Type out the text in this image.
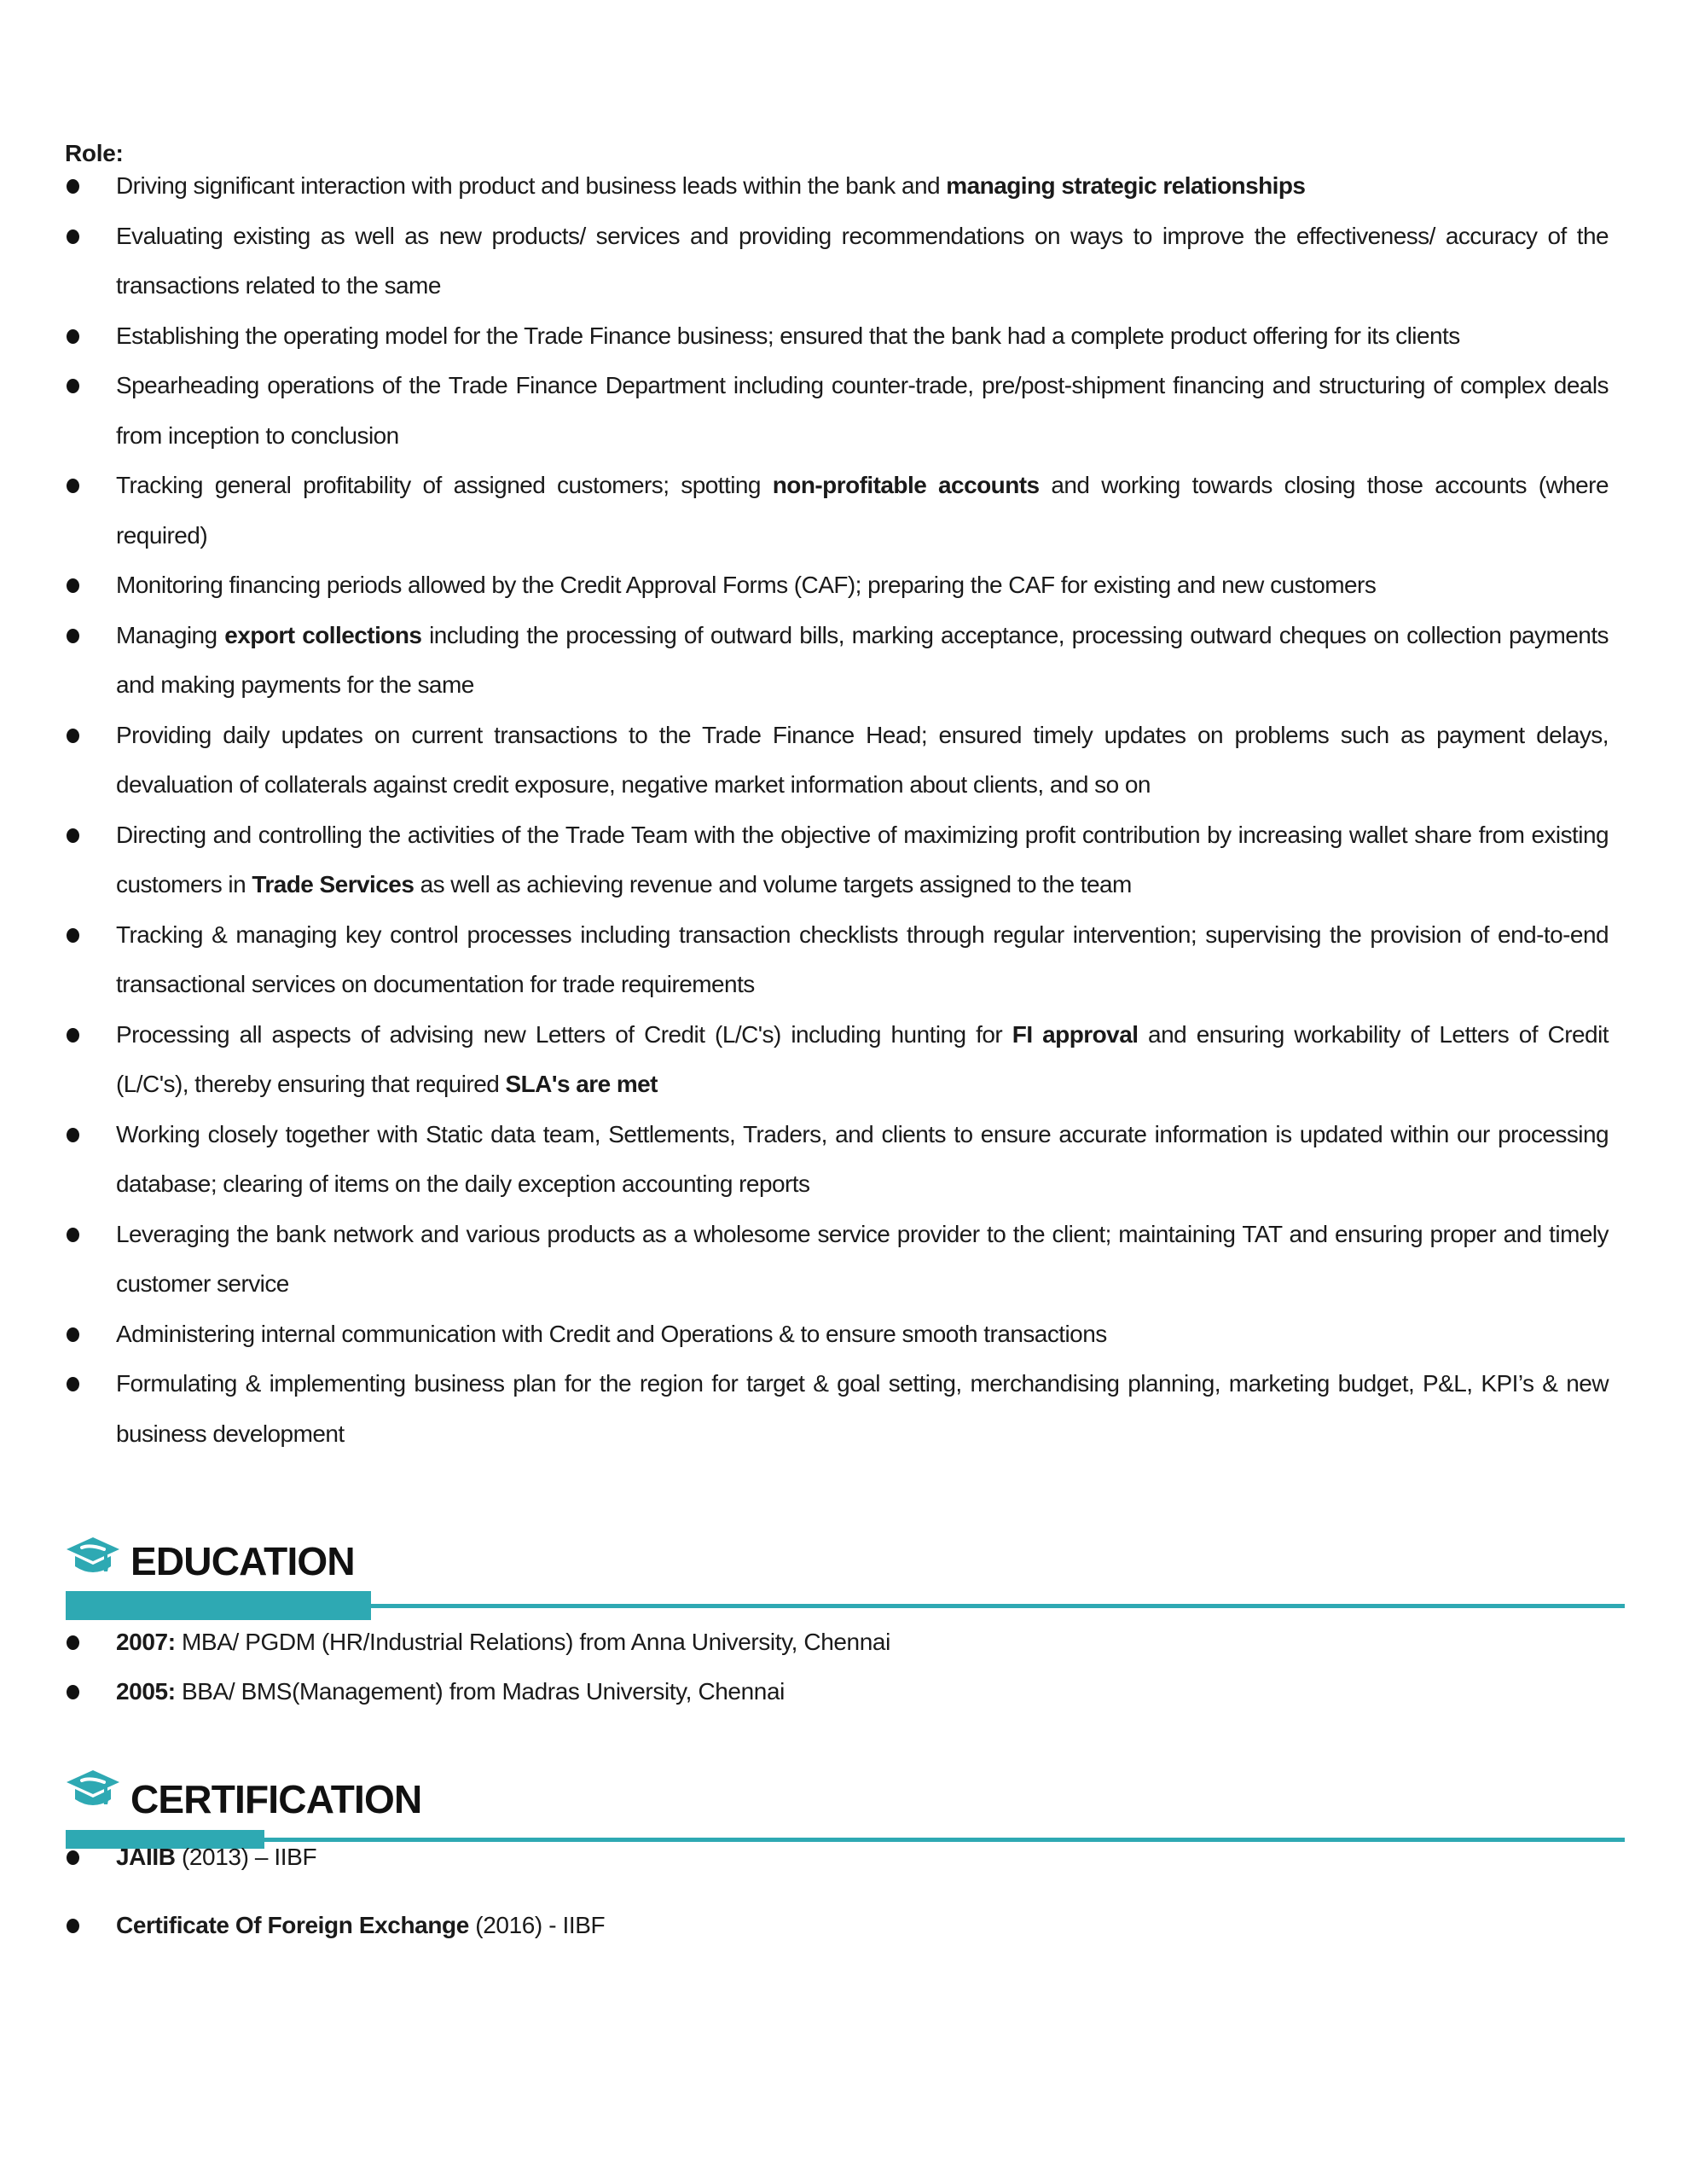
Role:
Driving significant interaction with product and business leads within the bank and managing strategic relationships
Evaluating existing as well as new products/ services and providing recommendations on ways to improve the effectiveness/ accuracy of the transactions related to the same
Establishing the operating model for the Trade Finance business; ensured that the bank had a complete product offering for its clients
Spearheading operations of the Trade Finance Department including counter-trade, pre/post-shipment financing and structuring of complex deals from inception to conclusion
Tracking general profitability of assigned customers; spotting non-profitable accounts and working towards closing those accounts (where required)
Monitoring financing periods allowed by the Credit Approval Forms (CAF); preparing the CAF for existing and new customers
Managing export collections including the processing of outward bills, marking acceptance, processing outward cheques on collection payments and making payments for the same
Providing daily updates on current transactions to the Trade Finance Head; ensured timely updates on problems such as payment delays, devaluation of collaterals against credit exposure, negative market information about clients, and so on
Directing and controlling the activities of the Trade Team with the objective of maximizing profit contribution by increasing wallet share from existing customers in Trade Services as well as achieving revenue and volume targets assigned to the team
Tracking & managing key control processes including transaction checklists through regular intervention; supervising the provision of end-to-end transactional services on documentation for trade requirements
Processing all aspects of advising new Letters of Credit (L/C's) including hunting for FI approval and ensuring workability of Letters of Credit (L/C's), thereby ensuring that required SLA's are met
Working closely together with Static data team, Settlements, Traders, and clients to ensure accurate information is updated within our processing database; clearing of items on the daily exception accounting reports
Leveraging the bank network and various products as a wholesome service provider to the client; maintaining TAT and ensuring proper and timely customer service
Administering internal communication with Credit and Operations & to ensure smooth transactions
Formulating & implementing business plan for the region for target & goal setting, merchandising planning, marketing budget, P&L, KPI’s & new business development
EDUCATION
2007: MBA/ PGDM (HR/Industrial Relations) from Anna University, Chennai
2005: BBA/ BMS(Management) from Madras University, Chennai
CERTIFICATION
JAIIB (2013) – IIBF
Certificate Of Foreign Exchange (2016) - IIBF
